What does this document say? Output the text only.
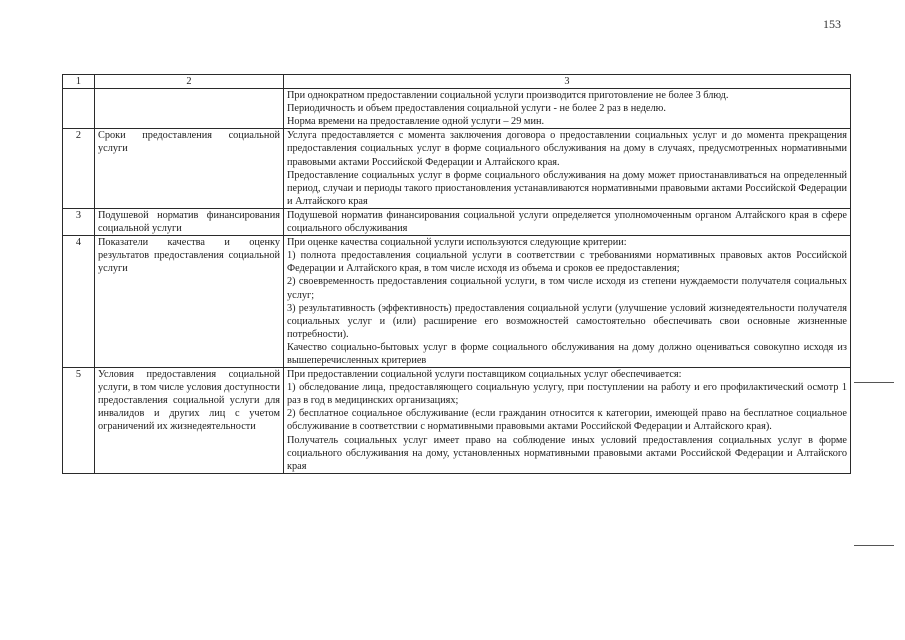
153
1	2	3

		При однократном предоставлении социальной услуги производится приготовление не более 3 блюд.

Периодичность и объем предоставления социальной услуги - не более 2 раз в неделю.

Норма времени на предоставление одной услуги – 29 мин.

2	Сроки предоставления социальной услуги	Услуга предоставляется с момента заключения договора о предоставлении социальных услуг и до момента прекращения предоставления социальных услуг в форме социального обслуживания на дому в случаях, предусмотренных нормативными правовыми актами Российской Федерации и Алтайского края.

Предоставление социальных услуг в форме социального обслуживания на дому может приостанавливаться на определенный период, случаи и периоды такого приостановления устанавливаются нормативными правовыми актами Российской Федерации и Алтайского края

3	Подушевой норматив финансирования социальной услуги	Подушевой норматив финансирования социальной услуги определяется уполномоченным органом Алтайского края в сфере социального обслуживания

4	Показатели качества и оценку результатов предоставления социальной услуги	При оценке качества социальной услуги используются следующие критерии:

1) полнота предоставления социальной услуги в соответствии с требованиями нормативных правовых актов Российской Федерации и Алтайского края, в том числе исходя из объема и сроков ее предоставления;

2) своевременность предоставления социальной услуги, в том числе исходя из степени нуждаемости получателя социальных услуг;

3) результативность (эффективность) предоставления социальной услуги (улучшение условий жизнедеятельности получателя социальных услуг и (или) расширение его возможностей самостоятельно обеспечивать свои основные жизненные потребности).

Качество социально-бытовых услуг в форме социального обслуживания на дому должно оцениваться совокупно исходя из вышеперечисленных критериев

5	Условия предоставления социальной услуги, в том числе условия доступности предоставления социальной услуги для инвалидов и других лиц с учетом ограничений их жизнедеятельности	При предоставлении социальной услуги поставщиком социальных услуг обеспечивается:

1) обследование лица, предоставляющего социальную услугу, при поступлении на работу и его профилактический осмотр 1 раз в год в медицинских организациях;

2) бесплатное социальное обслуживание (если гражданин относится к категории, имеющей право на бесплатное социальное обслуживание в соответствии с нормативными правовыми актами Российской Федерации и Алтайского края).

Получатель социальных услуг имеет право на соблюдение иных условий предоставления социальных услуг в форме социального обслуживания на дому, установленных нормативными правовыми актами Российской Федерации и Алтайского края
